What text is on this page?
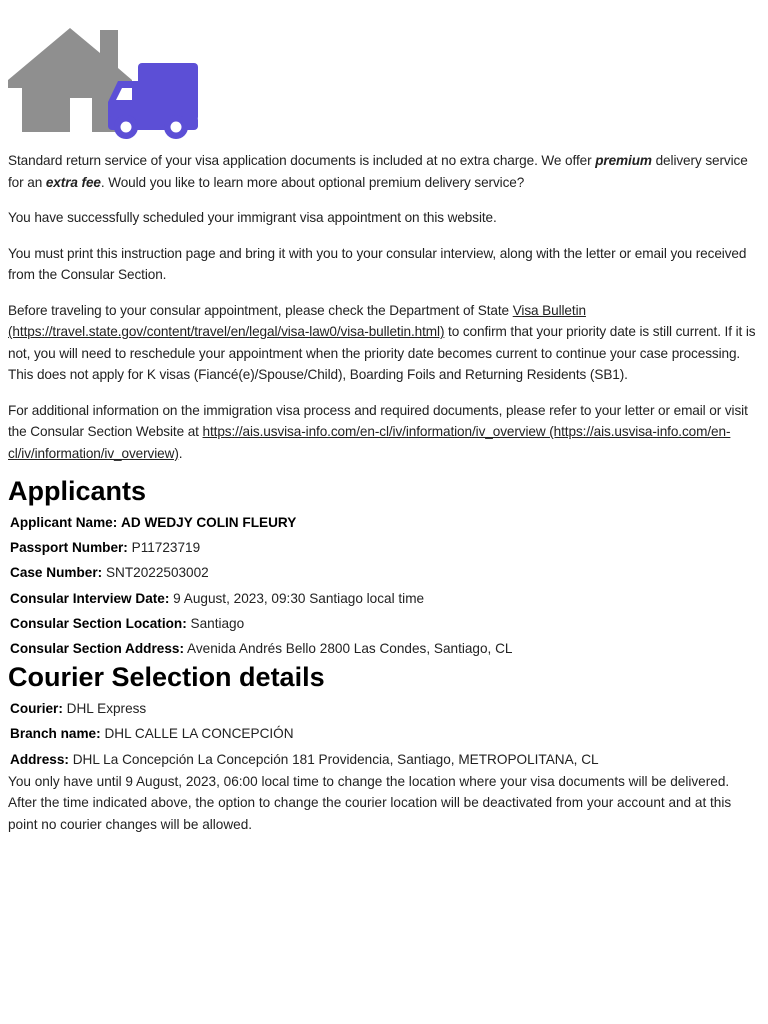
Standard return service of your visa application documents is included at no extra charge. We offer premium delivery service for an extra fee. Would you like to learn more about optional premium delivery service?

You have successfully scheduled your immigrant visa appointment on this website.

You must print this instruction page and bring it with you to your consular interview, along with the letter or email you received from the Consular Section.

Before traveling to your consular appointment, please check the Department of State Visa Bulletin (https://travel.state.gov/content/travel/en/legal/visa-law0/visa-bulletin.html) to confirm that your priority date is still current. If it is not, you will need to reschedule your appointment when the priority date becomes current to continue your case processing. This does not apply for K visas (Fiancé(e)/Spouse/Child), Boarding Foils and Returning Residents (SB1).

For additional information on the immigration visa process and required documents, please refer to your letter or email or visit the Consular Section Website at https://ais.usvisa-info.com/en-cl/iv/information/iv_overview (https://ais.usvisa-info.com/en-cl/iv/information/iv_overview).

Applicants
Applicant Name: AD WEDJY COLIN FLEURY
Passport Number: P11723719
Case Number: SNT2022503002
Consular Interview Date: 9 August, 2023, 09:30 Santiago local time
Consular Section Location: Santiago
Consular Section Address: Avenida Andrés Bello 2800 Las Condes, Santiago, CL
Courier Selection details
Courier: DHL Express
Branch name: DHL CALLE LA CONCEPCIÓN
Address: DHL La Concepción La Concepción 181 Providencia, Santiago, METROPOLITANA, CL
You only have until 9 August, 2023, 06:00 local time to change the location where your visa documents will be delivered. After the time indicated above, the option to change the courier location will be deactivated from your account and at this point no courier changes will be allowed.
